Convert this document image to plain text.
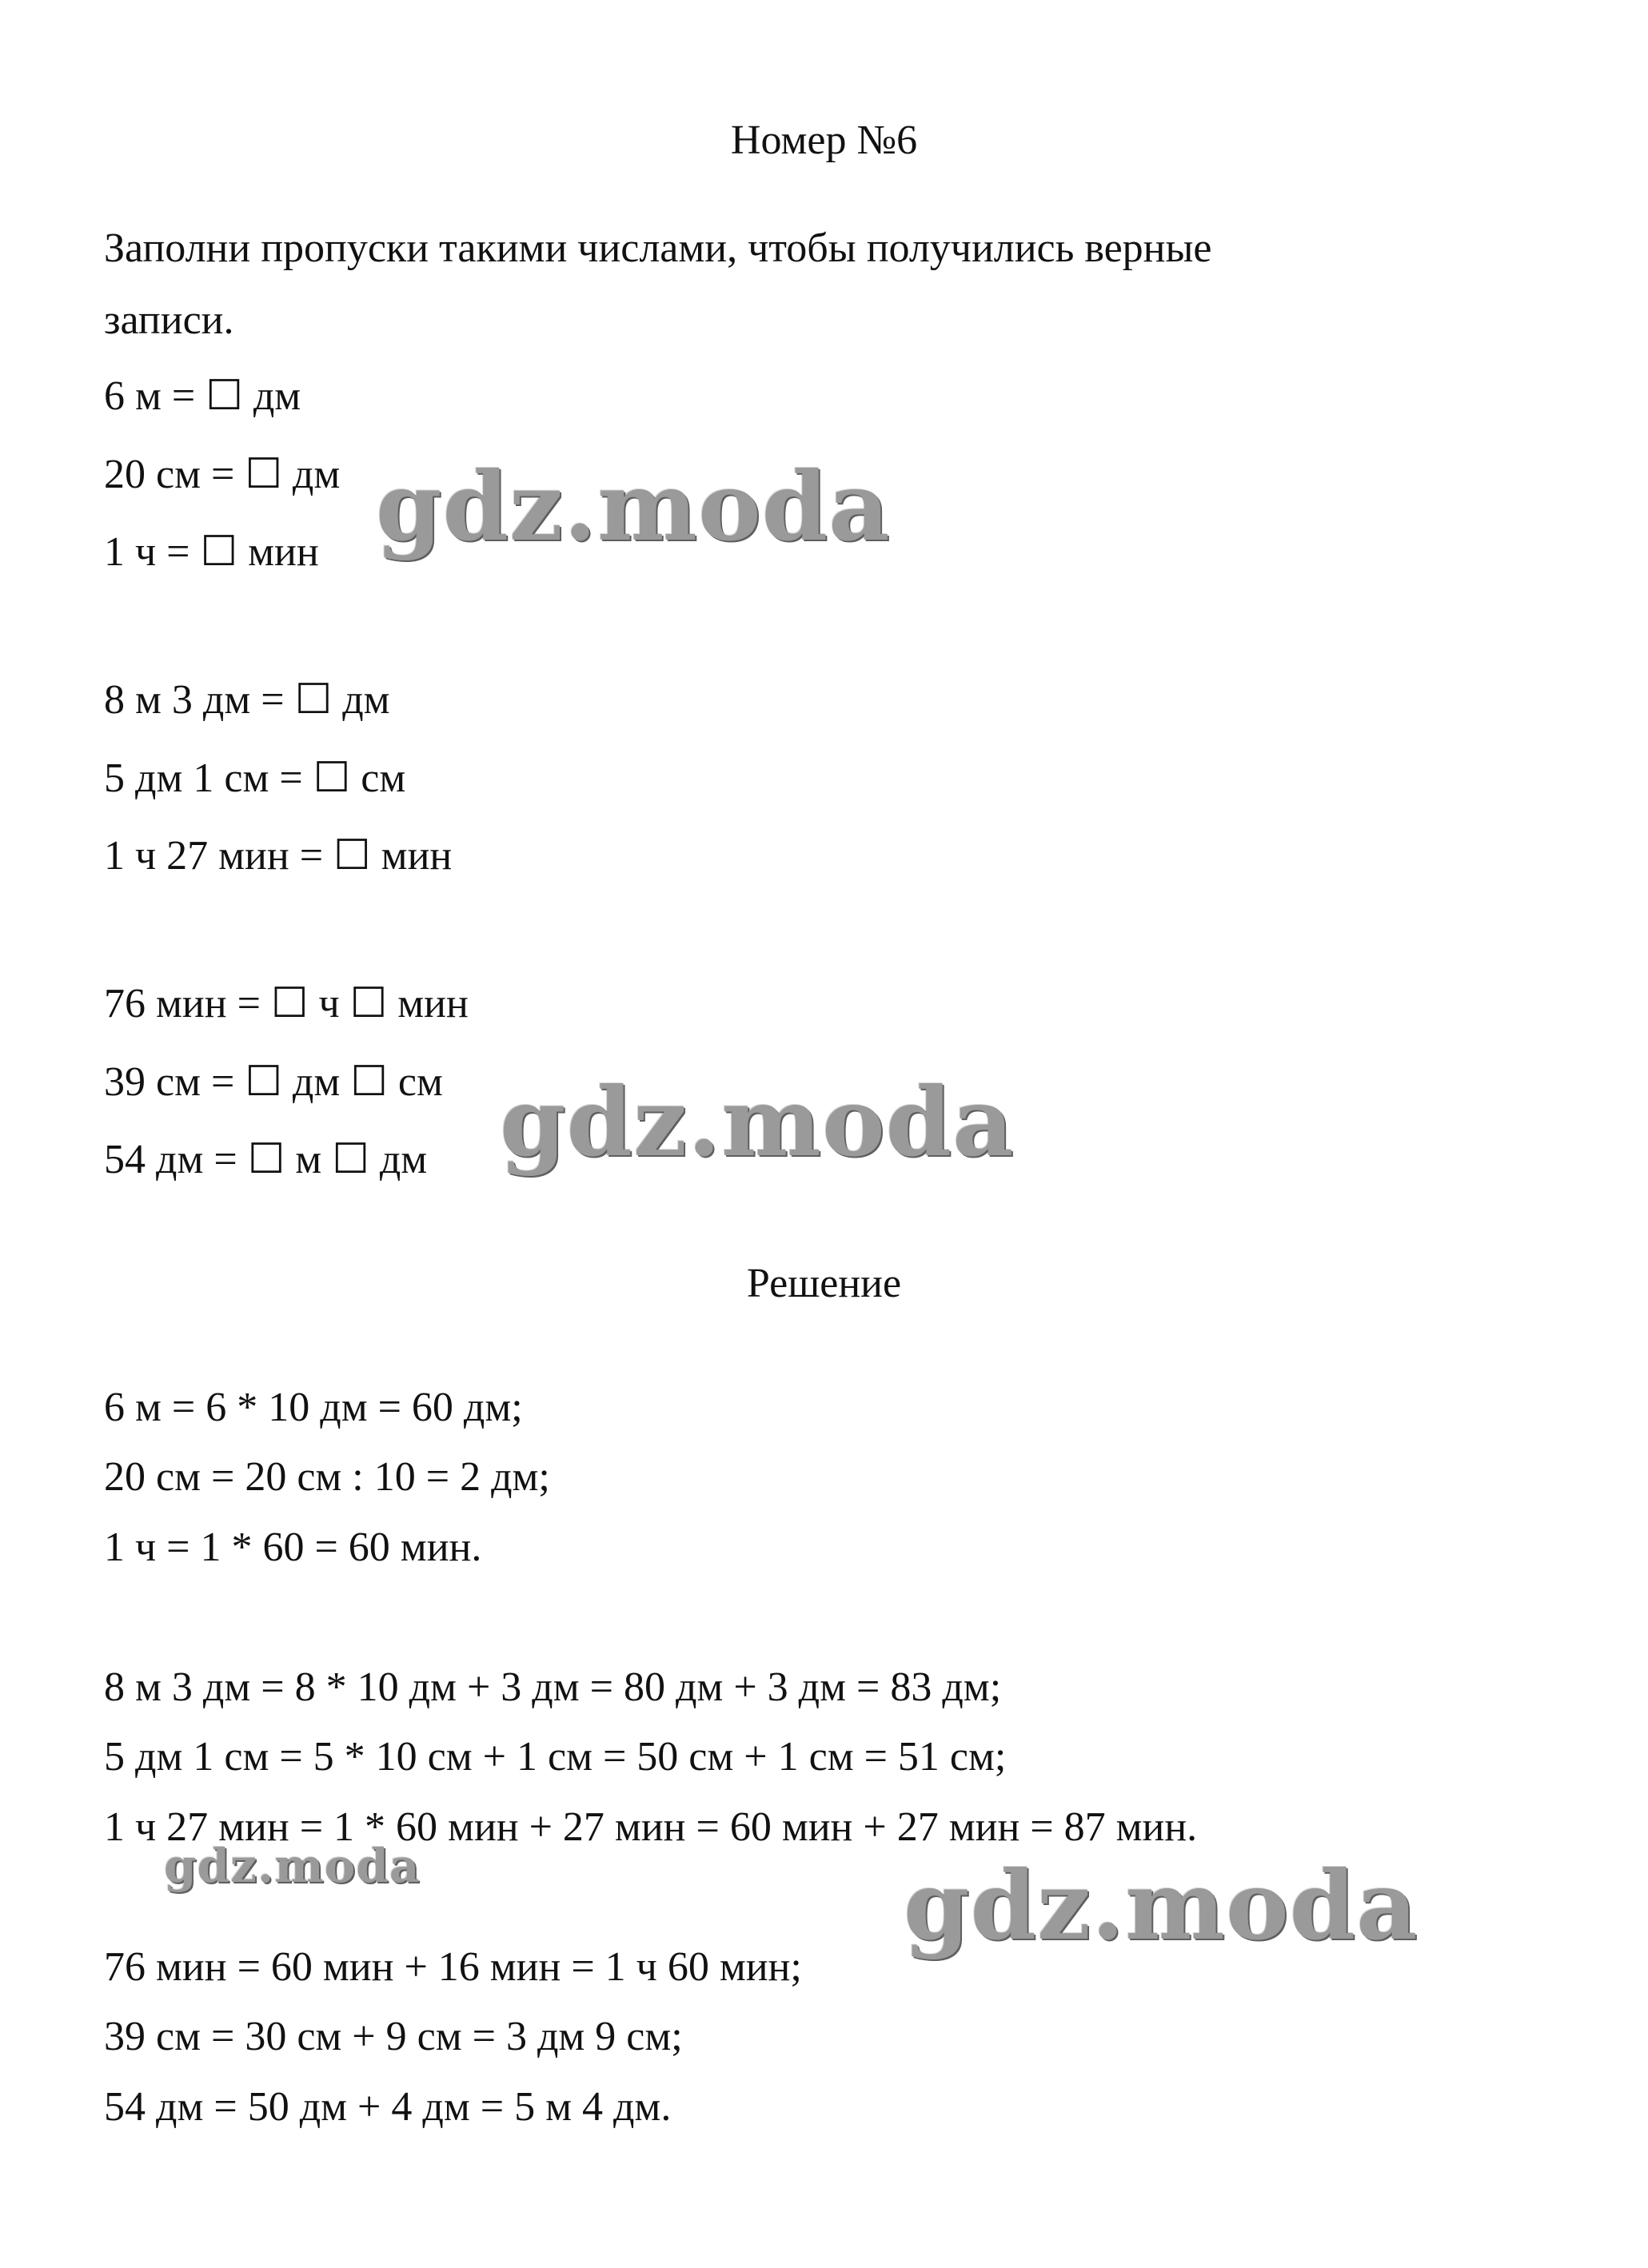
Номер №6
Заполни пропуски такими числами, чтобы получились верные
записи.
6 м = ☐ дм
20 см = ☐ дм
1 ч = ☐ мин
8 м 3 дм = ☐ дм
5 дм 1 см = ☐ см
1 ч 27 мин = ☐ мин
76 мин = ☐ ч ☐ мин
39 см = ☐ дм ☐ см
54 дм = ☐ м ☐ дм
Решение
6 м = 6 * 10 дм = 60 дм;
20 см = 20 см : 10 = 2 дм;
1 ч = 1 * 60 = 60 мин.
8 м 3 дм = 8 * 10 дм + 3 дм = 80 дм + 3 дм = 83 дм;
5 дм 1 см = 5 * 10 см + 1 см = 50 см + 1 см = 51 см;
1 ч 27 мин = 1 * 60 мин + 27 мин = 60 мин + 27 мин = 87 мин.
76 мин = 60 мин + 16 мин = 1 ч 60 мин;
39 см = 30 см + 9 см = 3 дм 9 см;
54 дм = 50 дм + 4 дм = 5 м 4 дм.
gdz.moda
gdz.moda
gdz.moda	gdz.moda
